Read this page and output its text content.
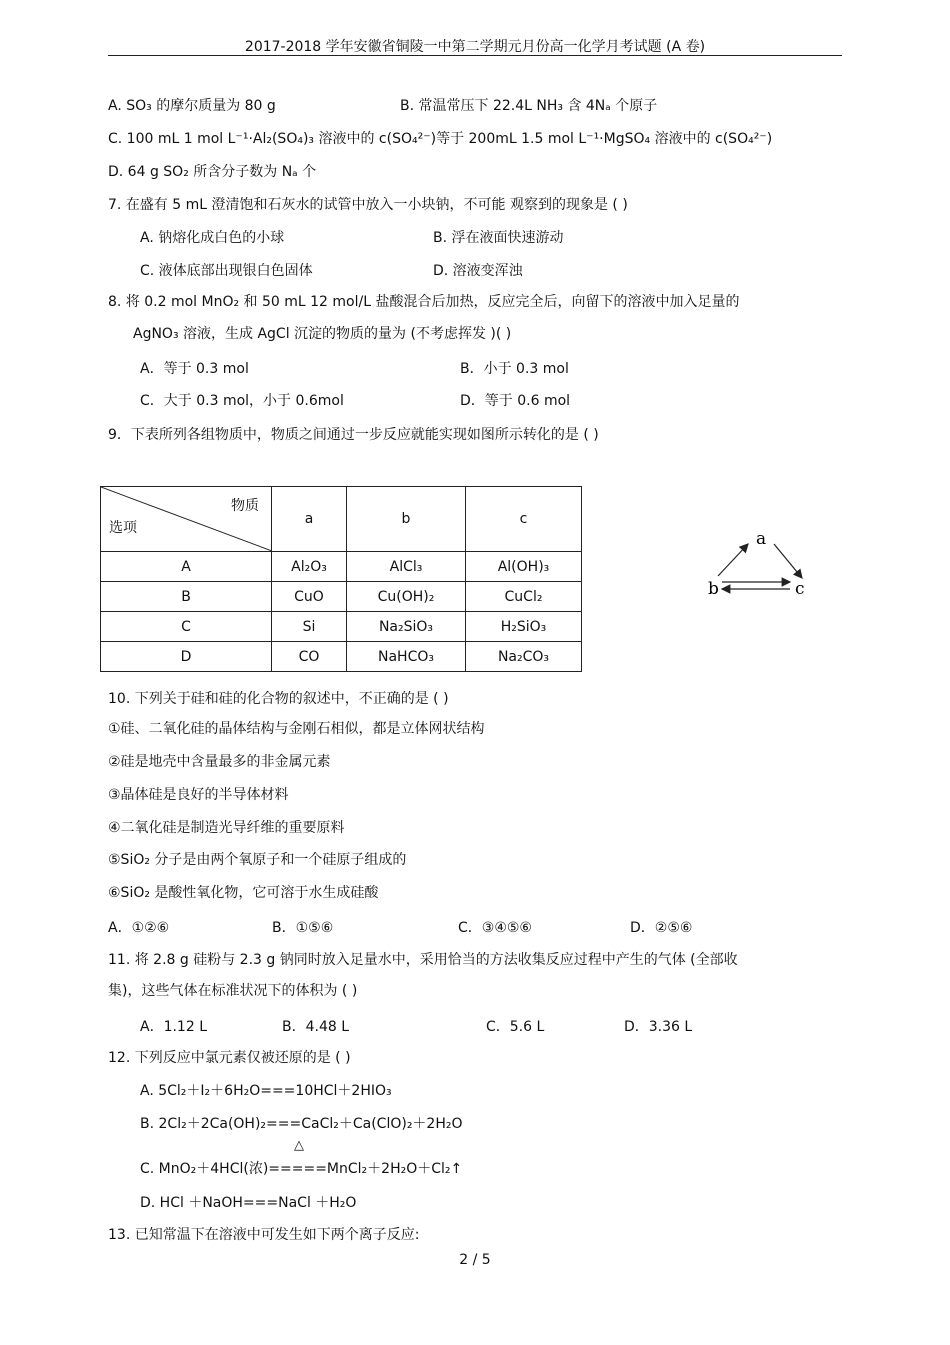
2017-2018 学年安徽省铜陵一中第二学期元月份高一化学月考试题 (A 卷)
A. SO₃ 的摩尔质量为 80 g	B. 常温常压下 22.4L NH₃ 含 4Nₐ 个原子
C. 100 mL 1 mol L⁻¹·Al₂(SO₄)₃ 溶液中的 c(SO₄²⁻)等于 200mL 1.5 mol L⁻¹·MgSO₄ 溶液中的 c(SO₄²⁻)
D. 64 g SO₂ 所含分子数为 Nₐ 个
7. 在盛有 5 mL 澄清饱和石灰水的试管中放入一小块钠，不可能 观察到的现象是 ( )
A. 钠熔化成白色的小球	B. 浮在液面快速游动
C. 液体底部出现银白色固体	D. 溶液变浑浊
8. 将 0.2 mol MnO₂ 和 50 mL 12 mol/L 盐酸混合后加热，反应完全后，向留下的溶液中加入足量的
AgNO₃ 溶液，生成 AgCl 沉淀的物质的量为 (不考虑挥发 )( )
A．等于 0.3 mol	B．小于 0.3 mol
C．大于 0.3 mol，小于 0.6mol	D．等于 0.6 mol
9．下表所列各组物质中，物质之间通过一步反应就能实现如图所示转化的是 ( )
物质
选项	a	b	c
A	Al₂O₃	AlCl₃	Al(OH)₃
B	CuO	Cu(OH)₂	CuCl₂
C	Si	Na₂SiO₃	H₂SiO₃
D	CO	NaHCO₃	Na₂CO₃
a
b	c
10. 下列关于硅和硅的化合物的叙述中，不正确的是 ( )
①硅、二氧化硅的晶体结构与金刚石相似，都是立体网状结构
②硅是地壳中含量最多的非金属元素
③晶体硅是良好的半导体材料
④二氧化硅是制造光导纤维的重要原料
⑤SiO₂ 分子是由两个氧原子和一个硅原子组成的
⑥SiO₂ 是酸性氧化物，它可溶于水生成硅酸
A．①②⑥	B．①⑤⑥	C．③④⑤⑥	D．②⑤⑥
11. 将 2.8 g 硅粉与 2.3 g 钠同时放入足量水中，采用恰当的方法收集反应过程中产生的气体 (全部收
集)，这些气体在标准状况下的体积为 ( )
A．1.12 L	B．4.48 L	C．5.6 L	D．3.36 L
12. 下列反应中氯元素仅被还原的是 ( )
A. 5Cl₂＋I₂＋6H₂O===10HCl＋2HIO₃
B. 2Cl₂＋2Ca(OH)₂===CaCl₂＋Ca(ClO)₂＋2H₂O
△
C. MnO₂＋4HCl(浓)=====MnCl₂＋2H₂O＋Cl₂↑
D. HCl ＋NaOH===NaCl ＋H₂O
13. 已知常温下在溶液中可发生如下两个离子反应:
2 / 5
